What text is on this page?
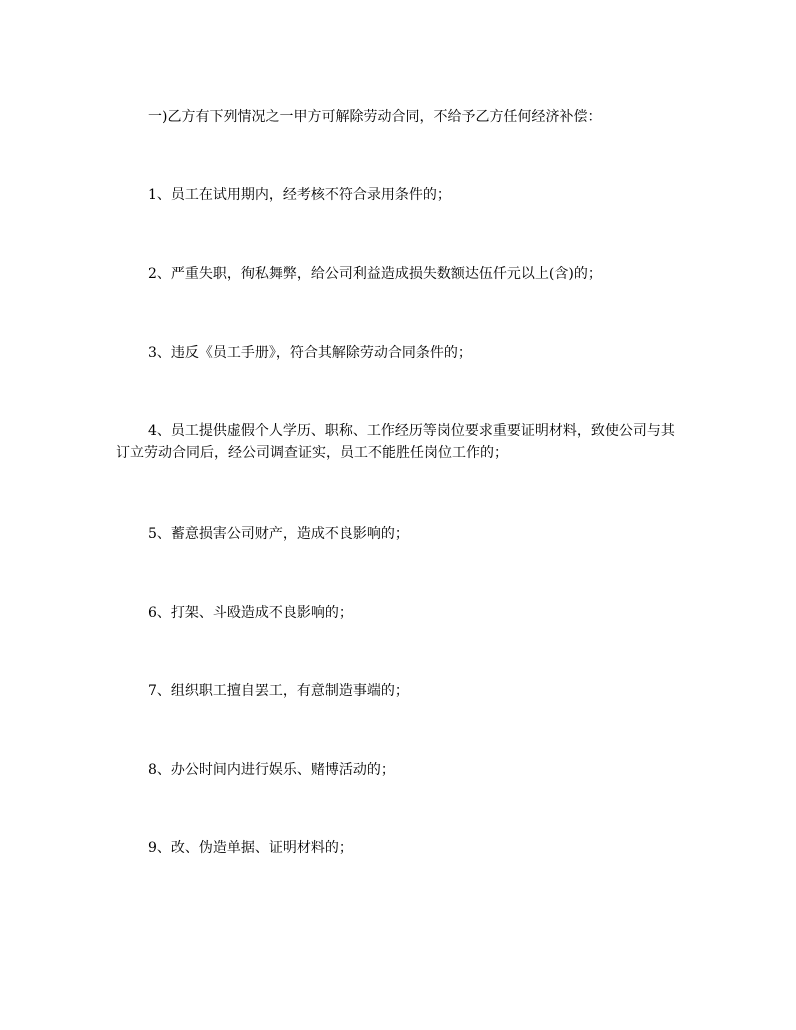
一)乙方有下列情况之一甲方可解除劳动合同，不给予乙方任何经济补偿：

1、员工在试用期内，经考核不符合录用条件的；

2、严重失职，徇私舞弊，给公司利益造成损失数额达伍仟元以上(含)的；

3、违反《员工手册》，符合其解除劳动合同条件的；

4、员工提供虚假个人学历、职称、工作经历等岗位要求重要证明材料，致使公司与其订立劳动合同后，经公司调查证实，员工不能胜任岗位工作的；

5、蓄意损害公司财产，造成不良影响的；

6、打架、斗殴造成不良影响的；

7、组织职工擅自罢工，有意制造事端的；

8、办公时间内进行娱乐、赌博活动的；

9、改、伪造单据、证明材料的；
